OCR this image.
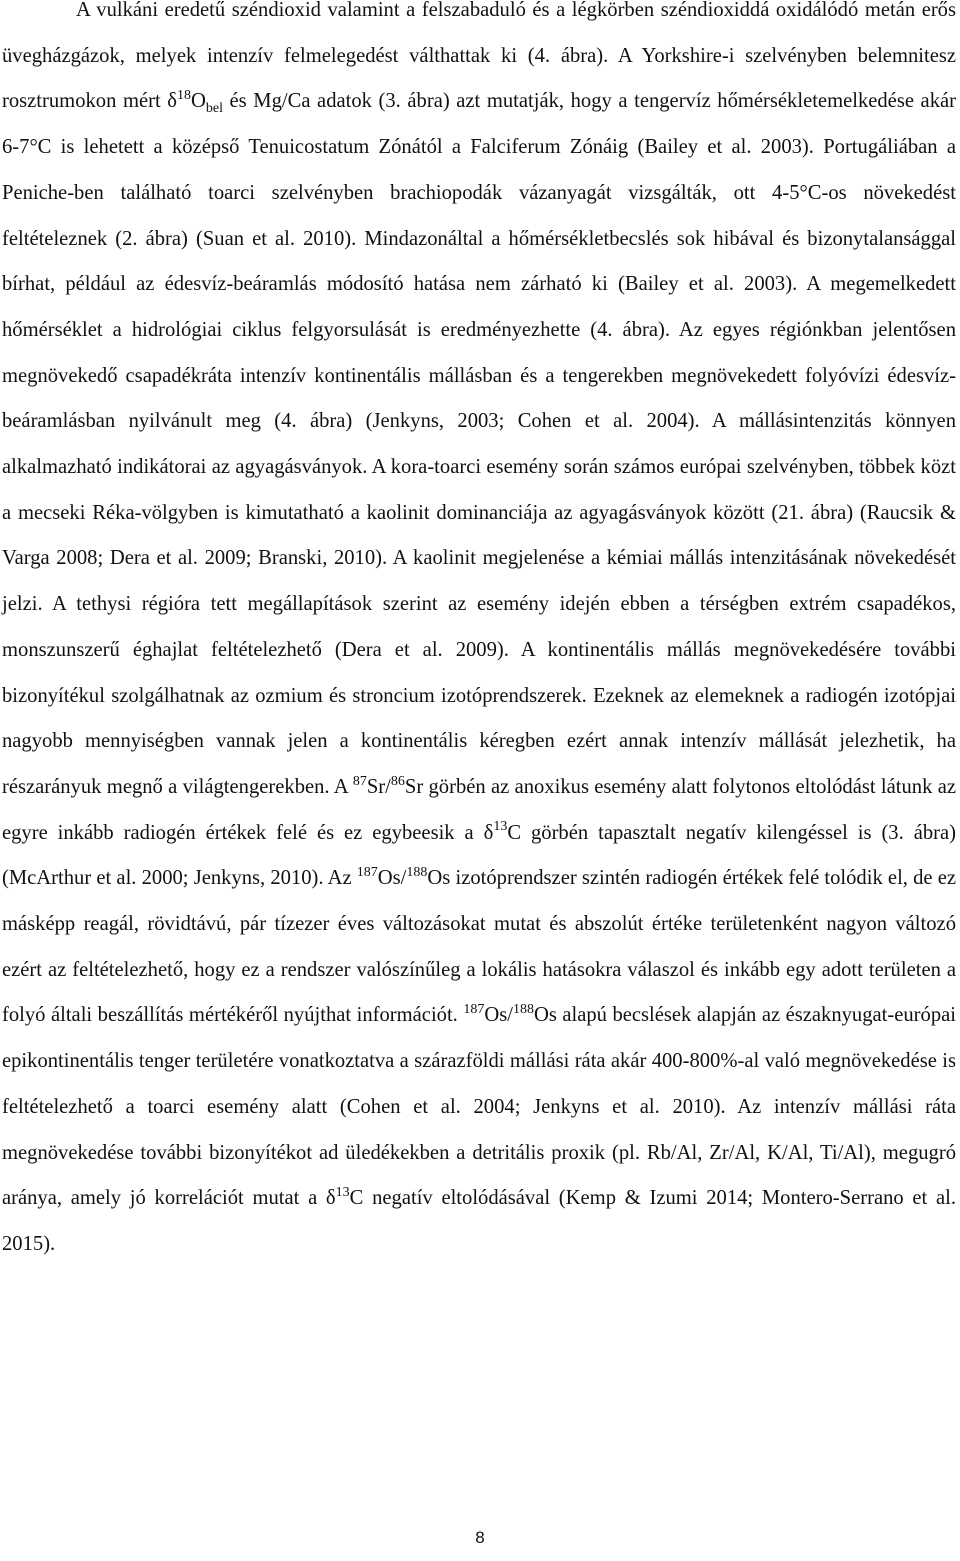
A vulkáni eredetű széndioxid valamint a felszabaduló és a légkörben széndioxiddá oxidálódó metán erős üvegházgázok, melyek intenzív felmelegedést válthattak ki (4. ábra). A Yorkshire-i szelvényben belemnitesz rosztrumokon mért $\delta^{18}O_{bel}$ és Mg/Ca adatok (3. ábra) azt mutatják, hogy a tengervíz hőmérsékletemelkedése akár 6-7°C is lehetett a középső Tenuicostatum Zónától a Falciferum Zónáig (Bailey et al. 2003). Portugáliában a Peniche-ben található toarci szelvényben brachiopodák vázanyagát vizsgálták, ott 4-5°C-os növekedést feltételeznek (2. ábra) (Suan et al. 2010). Mindazonáltal a hőmérsékletbecslés sok hibával és bizonytalansággal bírhat, például az édesvíz-beáramlás módosító hatása nem zárható ki (Bailey et al. 2003). A megemelkedett hőmérséklet a hidrológiai ciklus felgyorsulását is eredményezhette (4. ábra). Az egyes régiónkban jelentősen megnövekedő csapadékráta intenzív kontinentális mállásban és a tengerekben megnövekedett folyóvízi édesvíz-beáramlásban nyilvánult meg (4. ábra) (Jenkyns, 2003; Cohen et al. 2004). A mállásintenzitás könnyen alkalmazható indikátorai az agyagásványok. A kora-toarci esemény során számos európai szelvényben, többek közt a mecseki Réka-völgyben is kimutatható a kaolinit dominanciája az agyagásványok között (21. ábra) (Raucsik & Varga 2008; Dera et al. 2009; Branski, 2010). A kaolinit megjelenése a kémiai mállás intenzitásának növekedését jelzi. A tethysi régióra tett megállapítások szerint az esemény idején ebben a térségben extrém csapadékos, monszunszerű éghajlat feltételezhető (Dera et al. 2009). A kontinentális mállás megnövekedésére további bizonyítékul szolgálhatnak az ozmium és stroncium izotóprendszerek. Ezeknek az elemeknek a radiogén izotópjai nagyobb mennyiségben vannak jelen a kontinentális kéregben ezért annak intenzív mállását jelezhetik, ha részarányuk megnő a világtengerekben. A $^{87}$Sr/$^{86}$Sr görbén az anoxikus esemény alatt folytonos eltolódást látunk az egyre inkább radiogén értékek felé és ez egybeesik a $\delta^{13}C$ görbén tapasztalt negatív kilengéssel is (3. ábra) (McArthur et al. 2000; Jenkyns, 2010). Az $^{187}$Os/$^{188}$Os izotóprendszer szintén radiogén értékek felé tolódik el, de ez másképp reagál, rövidtávú, pár tízezer éves változásokat mutat és abszolút értéke területenként nagyon változó ezért az feltételezhető, hogy ez a rendszer valószínűleg a lokális hatásokra válaszol és inkább egy adott területen a folyó általi beszállítás mértékéről nyújthat információt. $^{187}$Os/$^{188}$Os alapú becslések alapján az északnyugat-európai epikontinentális tenger területére vonatkoztatva a szárazföldi mállási ráta akár 400-800%-al való megnövekedése is feltételezhető a toarci esemény alatt (Cohen et al. 2004; Jenkyns et al. 2010). Az intenzív mállási ráta megnövekedése további bizonyítékot ad üledékekben a detritális proxik (pl. Rb/Al, Zr/Al, K/Al, Ti/Al), megugró aránya, amely jó korrelációt mutat a $\delta^{13}C$ negatív eltolódásával (Kemp & Izumi 2014; Montero-Serrano et al. 2015).

8
